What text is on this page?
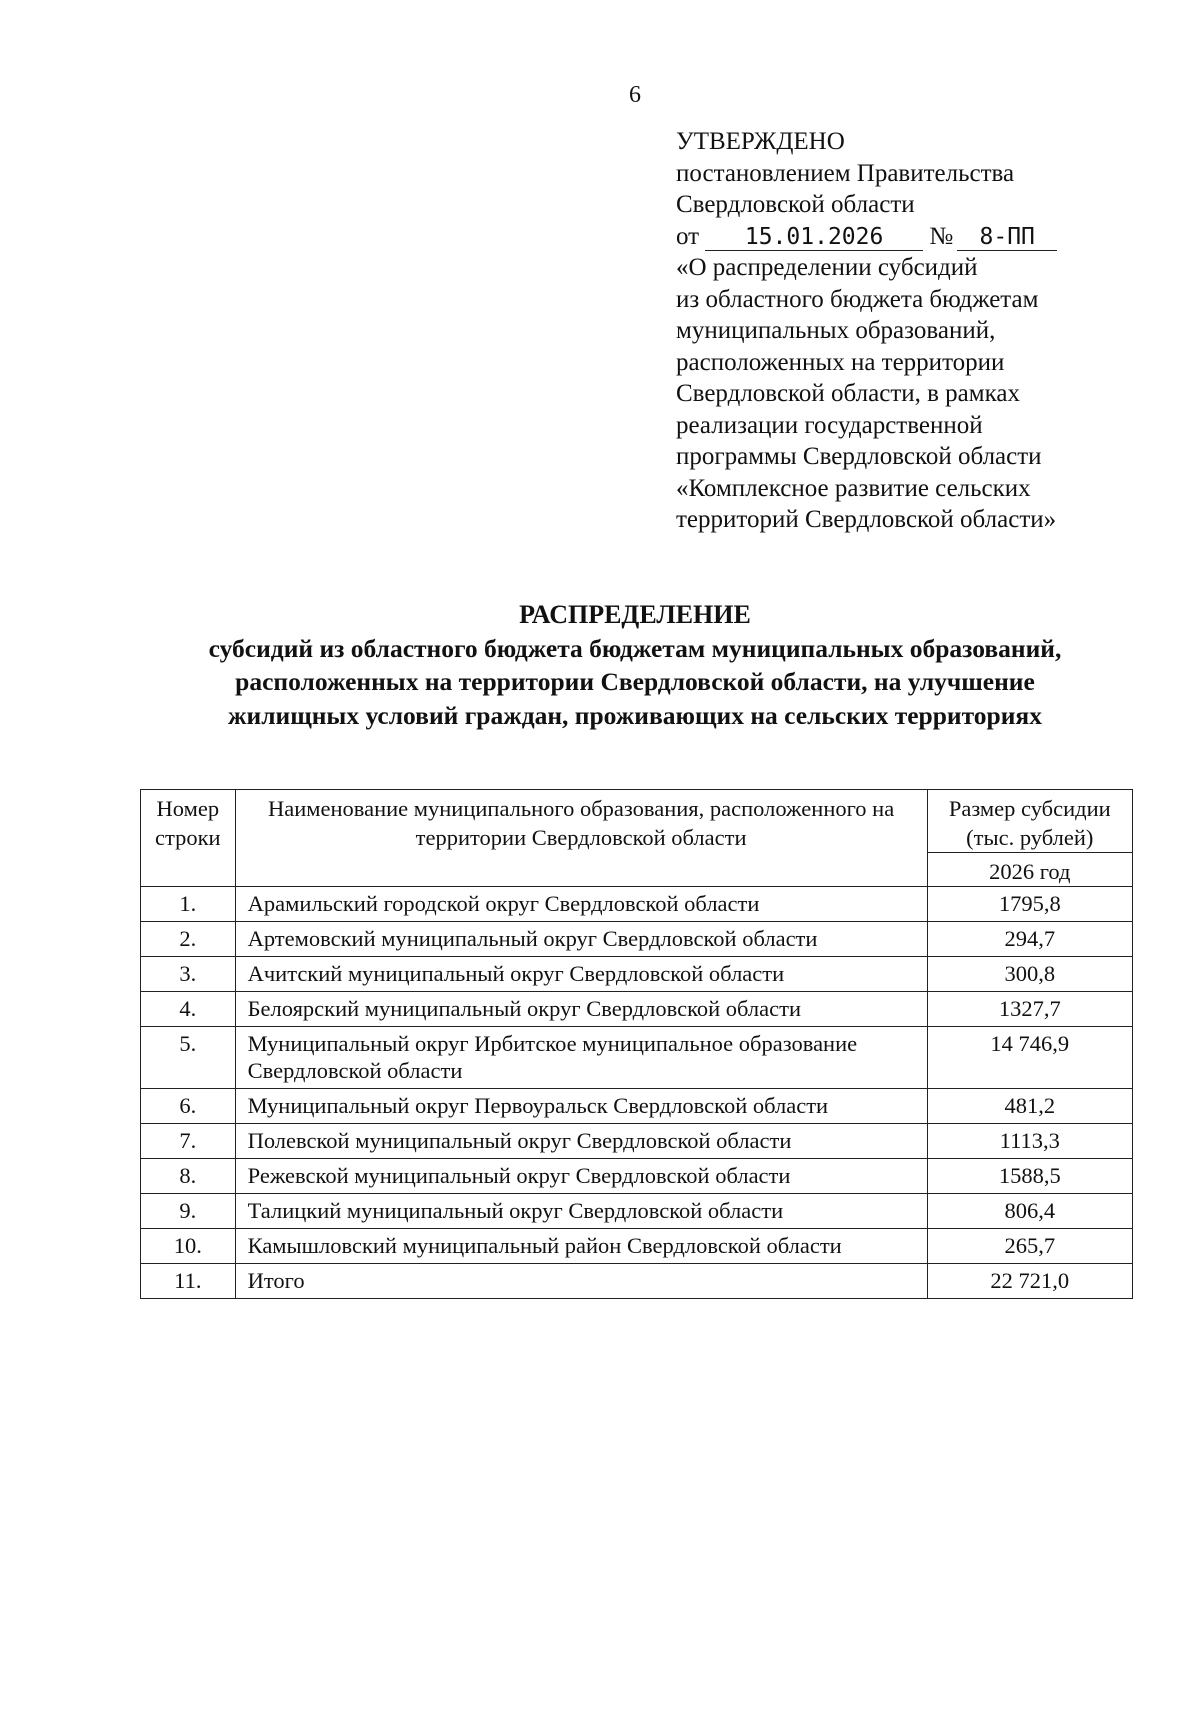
6
УТВЕРЖДЕНО
постановлением Правительства
Свердловской области
от 15.01.2026 № 8-ПП
«О распределении субсидий
из областного бюджета бюджетам
муниципальных образований,
расположенных на территории
Свердловской области, в рамках
реализации государственной
программы Свердловской области
«Комплексное развитие сельских
территорий Свердловской области»
РАСПРЕДЕЛЕНИЕ
субсидий из областного бюджета бюджетам муниципальных образований,
расположенных на территории Свердловской области, на улучшение
жилищных условий граждан, проживающих на сельских территориях
Номер строки	Наименование муниципального образования, расположенного на территории Свердловской области	Размер субсидии (тыс. рублей)
		2026 год
1.	Арамильский городской округ Свердловской области	1795,8
2.	Артемовский муниципальный округ Свердловской области	294,7
3.	Ачитский муниципальный округ Свердловской области	300,8
4.	Белоярский муниципальный округ Свердловской области	1327,7
5.	Муниципальный округ Ирбитское муниципальное образование Свердловской области	14 746,9
6.	Муниципальный округ Первоуральск Свердловской области	481,2
7.	Полевской муниципальный округ Свердловской области	1113,3
8.	Режевской муниципальный округ Свердловской области	1588,5
9.	Талицкий муниципальный округ Свердловской области	806,4
10.	Камышловский муниципальный район Свердловской области	265,7
11.	Итого	22 721,0
